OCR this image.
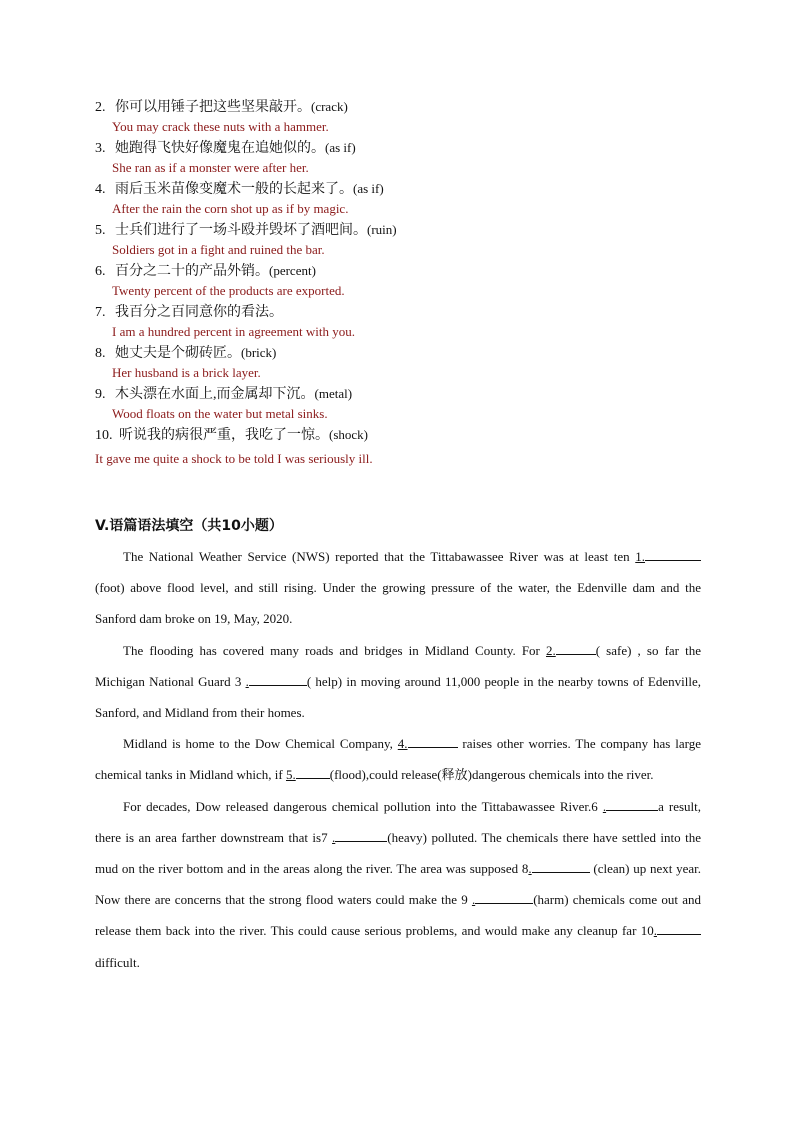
2. 你可以用锤子把这些坚果敲开。(crack)
You may crack these nuts with a hammer.
3. 她跑得飞快好像魔鬼在追她似的。(as if)
She ran as if a monster were after her.
4. 雨后玉米苗像变魔术一般的长起来了。(as if)
After the rain the corn shot up as if by magic.
5. 士兵们进行了一场斗殴并毁坏了酒吧间。(ruin)
Soldiers got in a fight and ruined the bar.
6. 百分之二十的产品外销。(percent)
Twenty percent of the products are exported.
7. 我百分之百同意你的看法。
I am a hundred percent in agreement with you.
8. 她丈夫是个砌砖匠。(brick)
Her husband is a brick layer.
9. 木头漂在水面上,而金属却下沉。(metal)
Wood floats on the water but metal sinks.
10. 听说我的病很严重，我吃了一惊。(shock)
It gave me quite a shock to be told I was seriously ill.
V.语篇语法填空（共10小题）

The National Weather Service (NWS) reported that the Tittabawassee River was at least ten 1. (foot) above flood level, and still rising. Under the growing pressure of the water, the Edenville dam and the Sanford dam broke on 19, May, 2020.

The flooding has covered many roads and bridges in Midland County. For 2.	( safe) , so far the Michigan National Guard 3 .	( help) in moving around 11,000 people in the nearby towns of Edenville, Sanford, and Midland from their homes.

Midland is home to the Dow Chemical Company, 4.	raises other worries. The company has large chemical tanks in Midland which, if 5.	(flood),could release(释放)dangerous chemicals into the river.

For decades, Dow released dangerous chemical pollution into the Tittabawassee River.6 .	a result, there is an area farther downstream that is7 .	(heavy) polluted. The chemicals there have settled into the mud on the river bottom and in the areas along the river. The area was supposed 8.	(clean) up next year. Now there are concerns that the strong flood waters could make the 9 .	(harm) chemicals come out and release them back into the river. This could cause serious problems, and would make any cleanup far 10.difficult.
